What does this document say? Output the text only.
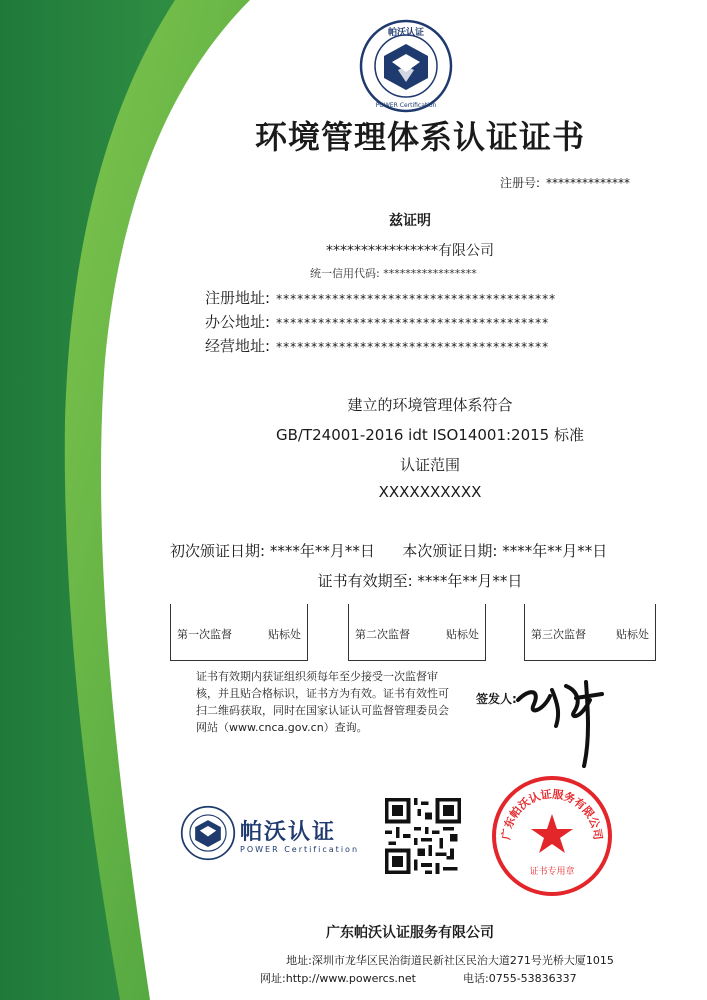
帕沃认证
POWER Certification
环境管理体系认证证书
注册号: **************
兹证明
****************有限公司
统一信用代码: *****************
注册地址: ****************************************
办公地址: ***************************************
经营地址: ***************************************
建立的环境管理体系符合
GB/T24001-2016 idt ISO14001:2015 标准
认证范围
XXXXXXXXXX
初次颁证日期: ****年**月**日 本次颁证日期: ****年**月**日
证书有效期至: ****年**月**日
第一次监督	贴标处	第二次监督	贴标处	第三次监督	贴标处
证书有效期内获证组织须每年至少接受一次监督审核，并且贴合格标识，证书方为有效。证书有效性可扫二维码获取，同时在国家认证认可监督管理委员会网站（www.cnca.gov.cn）查询。
签发人:
帕沃认证
POWER Certification
广东帕沃认证服务有限公司
证书专用章
广东帕沃认证服务有限公司
地址:深圳市龙华区民治街道民新社区民治大道271号光桥大厦1015
网址:http://www.powercs.net	电话:0755-53836337
